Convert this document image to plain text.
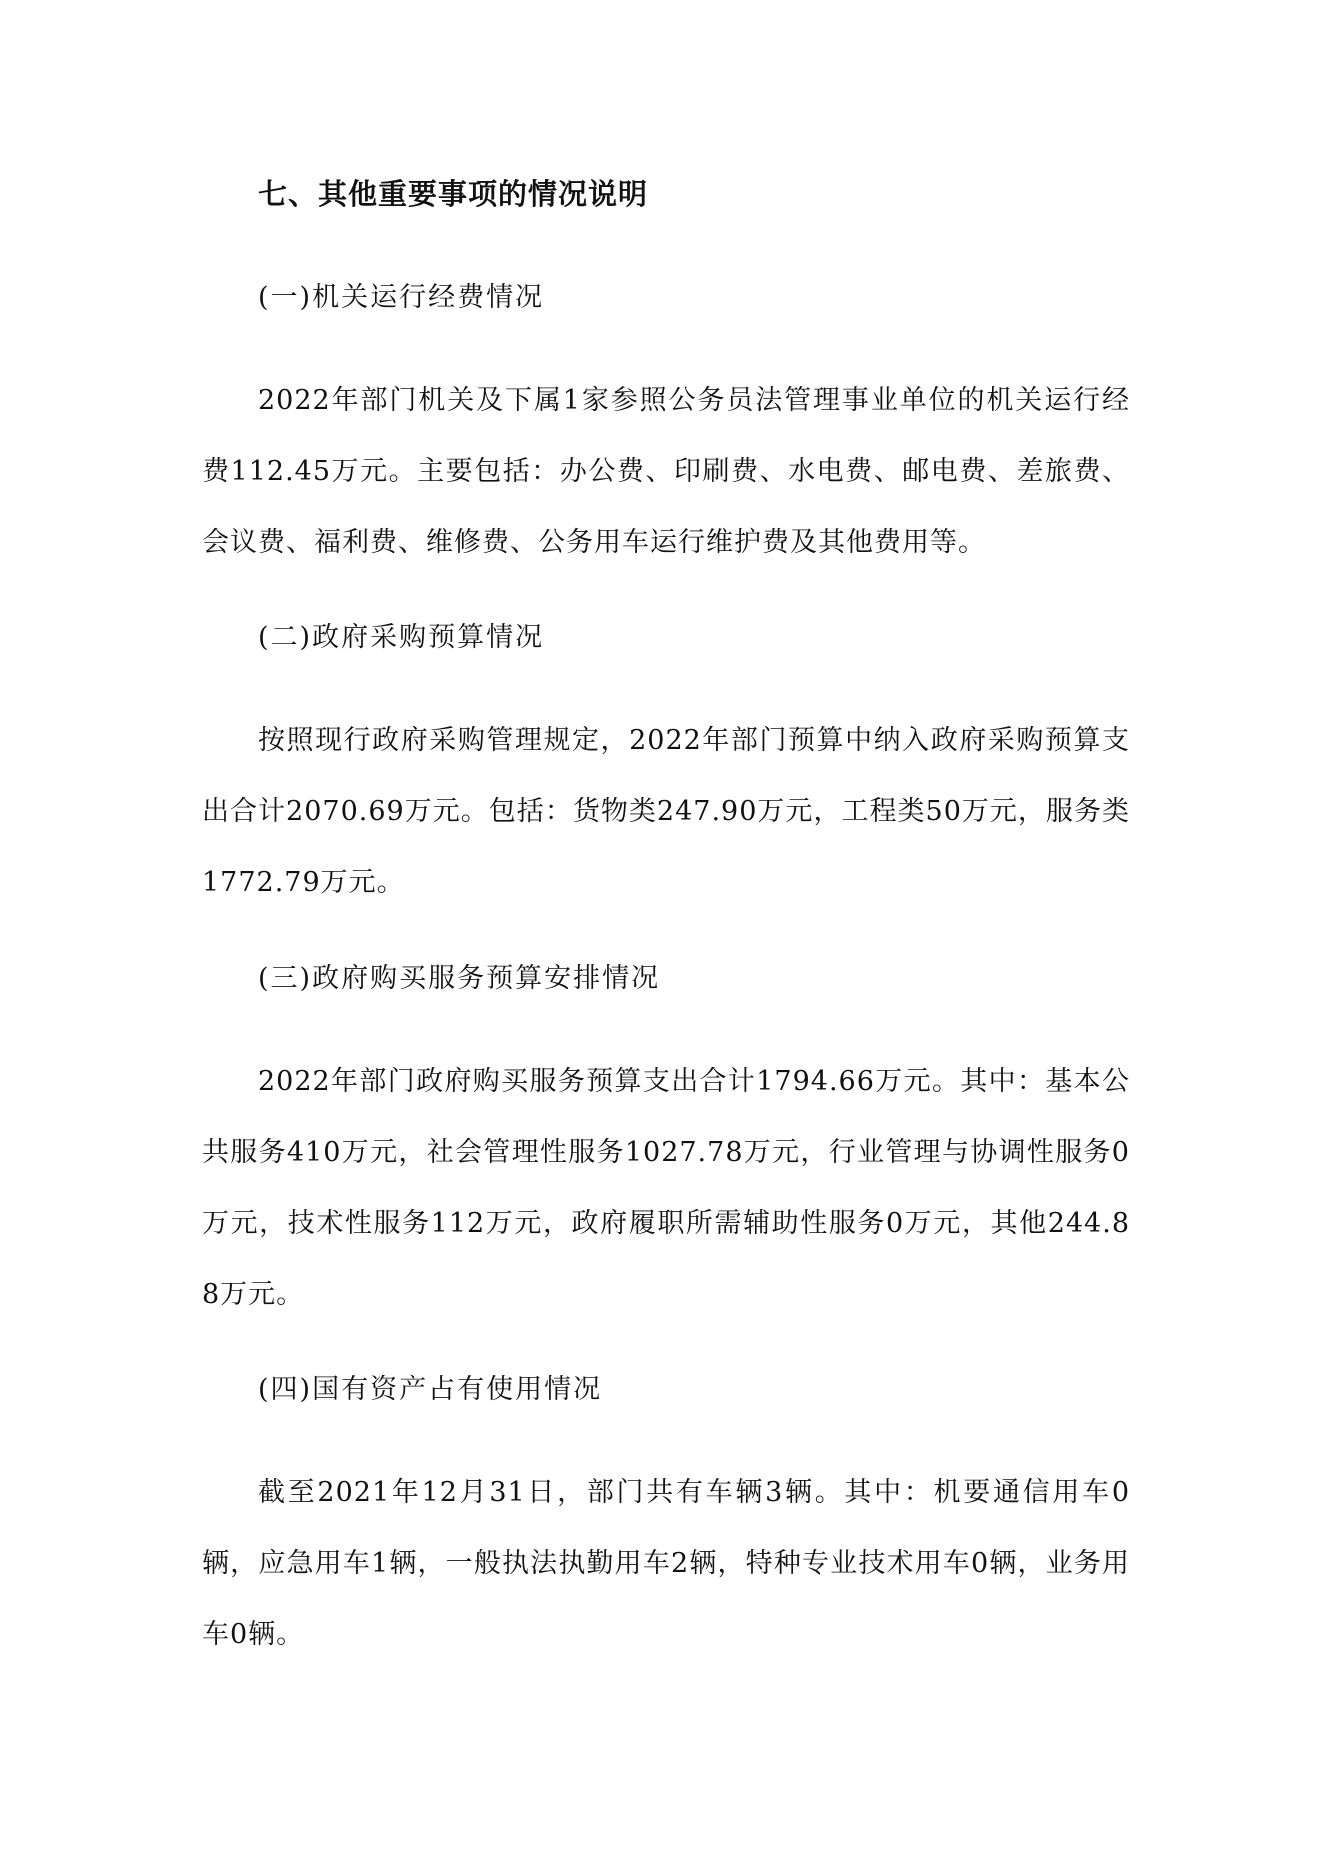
七、其他重要事项的情况说明

(一)机关运行经费情况

2022年部门机关及下属1家参照公务员法管理事业单位的机关运行经费112.45万元。主要包括：办公费、印刷费、水电费、邮电费、差旅费、会议费、福利费、维修费、公务用车运行维护费及其他费用等。

(二)政府采购预算情况

按照现行政府采购管理规定，2022年部门预算中纳入政府采购预算支出合计2070.69万元。包括：货物类247.90万元，工程类50万元，服务类1772.79万元。

(三)政府购买服务预算安排情况

2022年部门政府购买服务预算支出合计1794.66万元。其中：基本公共服务410万元，社会管理性服务1027.78万元，行业管理与协调性服务0万元，技术性服务112万元，政府履职所需辅助性服务0万元，其他244.88万元。

(四)国有资产占有使用情况

截至2021年12月31日，部门共有车辆3辆。其中：机要通信用车0辆，应急用车1辆，一般执法执勤用车2辆，特种专业技术用车0辆，业务用车0辆。
